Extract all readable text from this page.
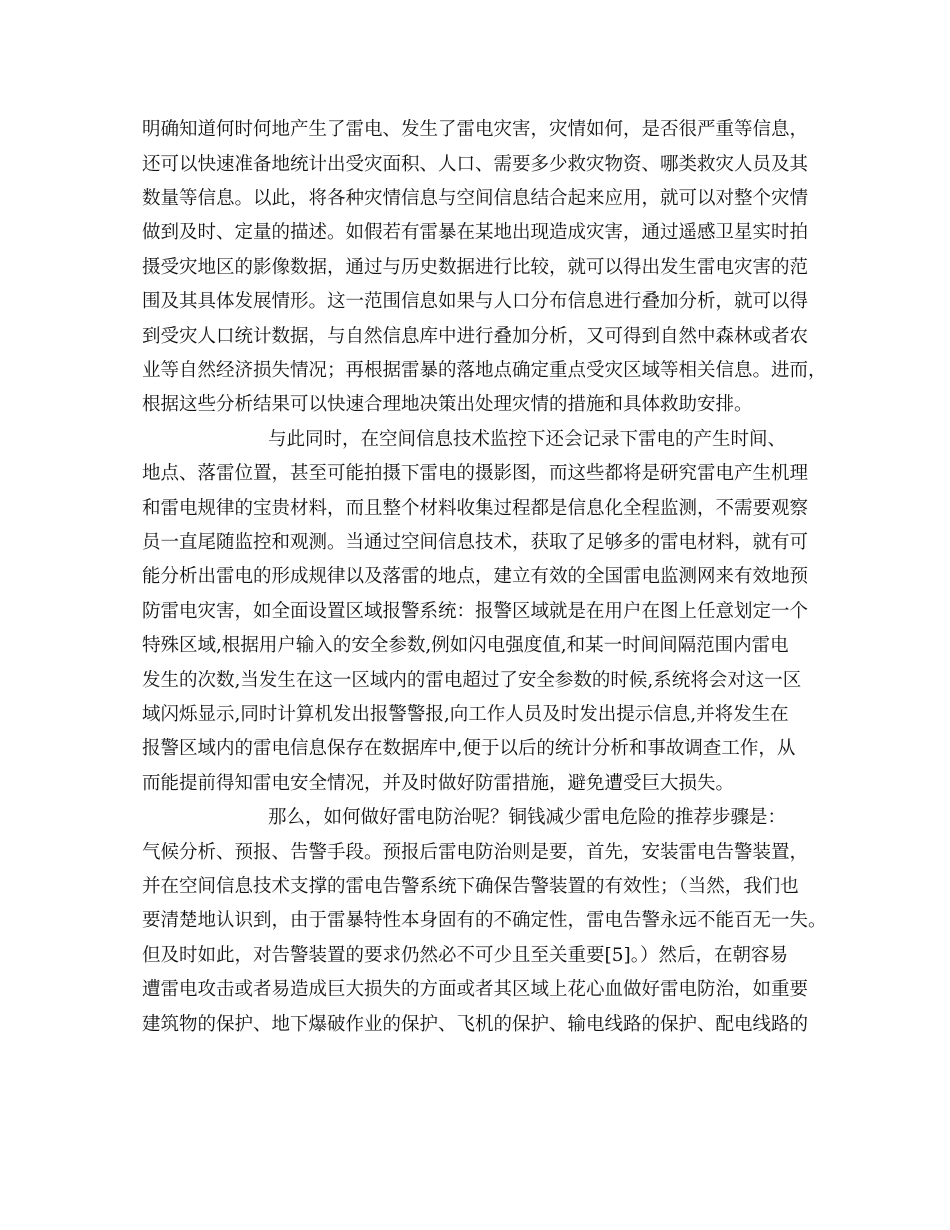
明确知道何时何地产生了雷电、发生了雷电灾害，灾情如何，是否很严重等信息，
还可以快速准备地统计出受灾面积、人口、需要多少救灾物资、哪类救灾人员及其
数量等信息。以此，将各种灾情信息与空间信息结合起来应用，就可以对整个灾情
做到及时、定量的描述。如假若有雷暴在某地出现造成灾害，通过遥感卫星实时拍
摄受灾地区的影像数据，通过与历史数据进行比较，就可以得出发生雷电灾害的范
围及其具体发展情形。这一范围信息如果与人口分布信息进行叠加分析，就可以得
到受灾人口统计数据，与自然信息库中进行叠加分析，又可得到自然中森林或者农
业等自然经济损失情况；再根据雷暴的落地点确定重点受灾区域等相关信息。进而，
根据这些分析结果可以快速合理地决策出处理灾情的措施和具体救助安排。
与此同时，在空间信息技术监控下还会记录下雷电的产生时间、
地点、落雷位置，甚至可能拍摄下雷电的摄影图，而这些都将是研究雷电产生机理
和雷电规律的宝贵材料，而且整个材料收集过程都是信息化全程监测，不需要观察
员一直尾随监控和观测。当通过空间信息技术，获取了足够多的雷电材料，就有可
能分析出雷电的形成规律以及落雷的地点，建立有效的全国雷电监测网来有效地预
防雷电灾害，如全面设置区域报警系统：报警区域就是在用户在图上任意划定一个
特殊区域,根据用户输入的安全参数,例如闪电强度值,和某一时间间隔范围内雷电
发生的次数,当发生在这一区域内的雷电超过了安全参数的时候,系统将会对这一区
域闪烁显示,同时计算机发出报警警报,向工作人员及时发出提示信息,并将发生在
报警区域内的雷电信息保存在数据库中,便于以后的统计分析和事故调查工作，从
而能提前得知雷电安全情况，并及时做好防雷措施，避免遭受巨大损失。
那么，如何做好雷电防治呢？铜钱减少雷电危险的推荐步骤是：
气候分析、预报、告警手段。预报后雷电防治则是要，首先，安装雷电告警装置，
并在空间信息技术支撑的雷电告警系统下确保告警装置的有效性；（当然，我们也
要清楚地认识到，由于雷暴特性本身固有的不确定性，雷电告警永远不能百无一失。
但及时如此，对告警装置的要求仍然必不可少且至关重要[5]。）然后，在朝容易
遭雷电攻击或者易造成巨大损失的方面或者其区域上花心血做好雷电防治，如重要
建筑物的保护、地下爆破作业的保护、飞机的保护、输电线路的保护、配电线路的
